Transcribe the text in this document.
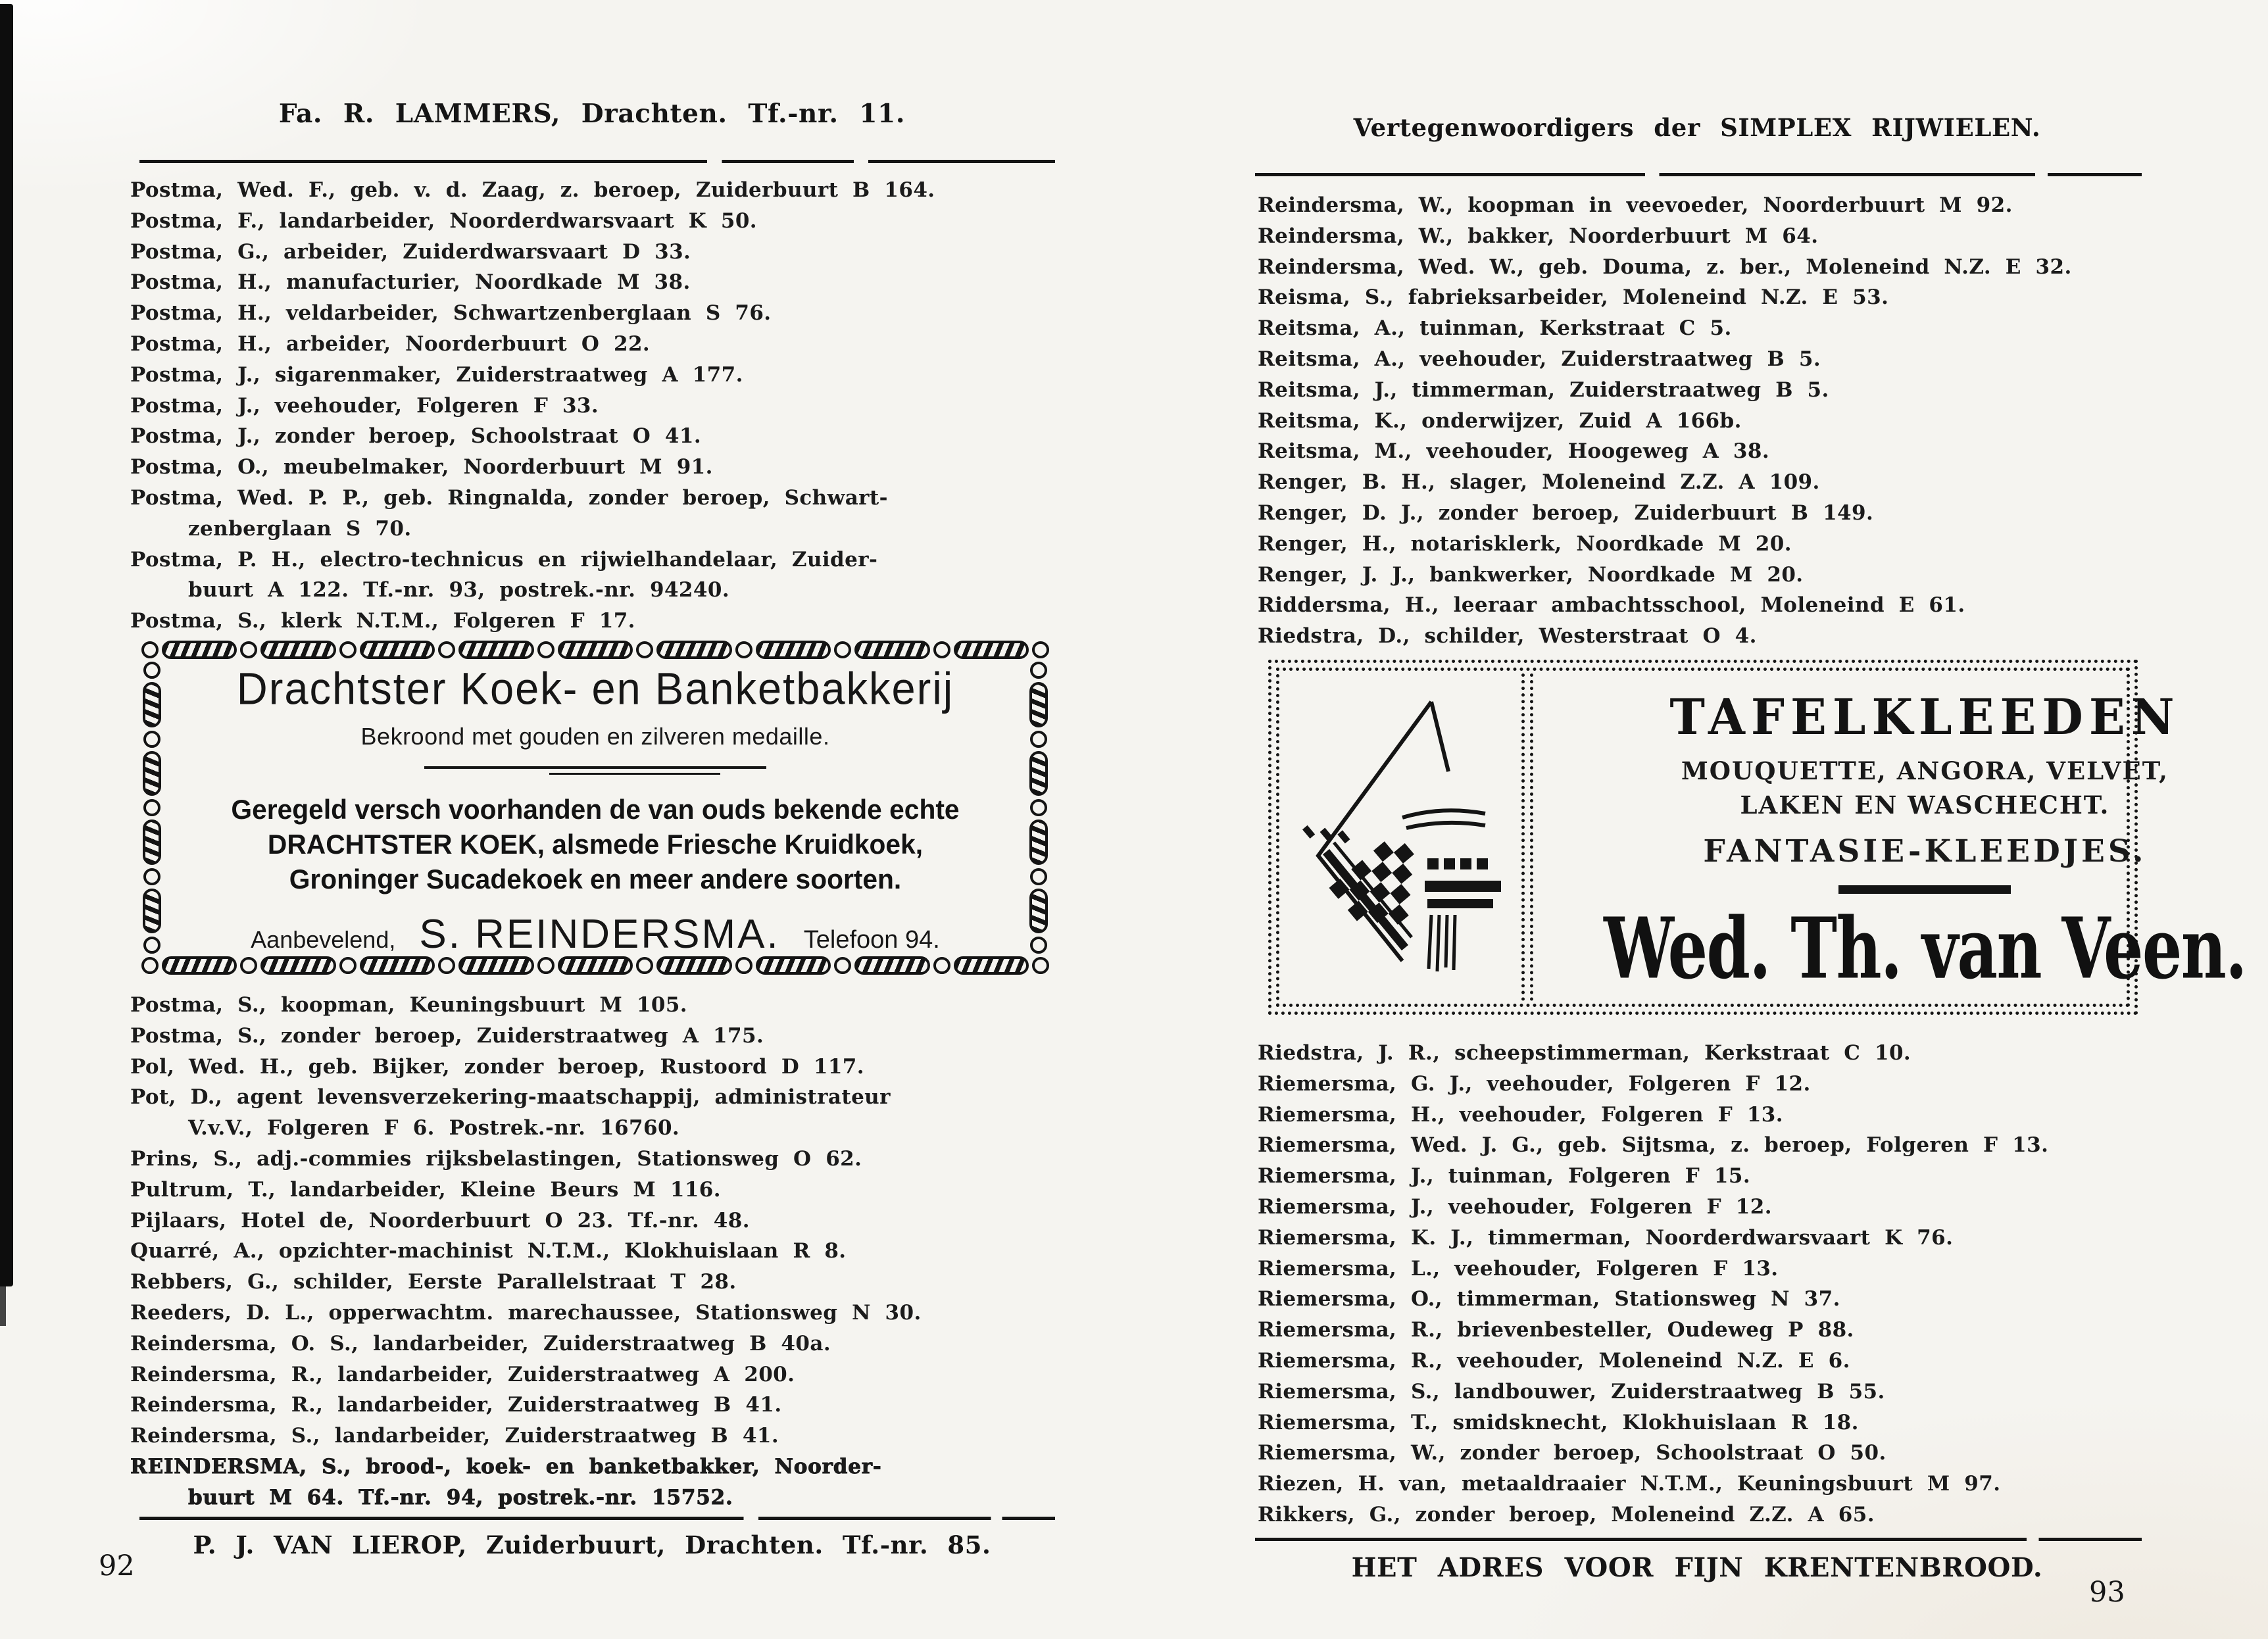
Fa. R. LAMMERS, Drachten. Tf.-nr. 11.
Postma, Wed. F., geb. v. d. Zaag, z. beroep, Zuiderbuurt B 164.
Postma, F., landarbeider, Noorderdwarsvaart K 50.
Postma, G., arbeider, Zuiderdwarsvaart D 33.
Postma, H., manufacturier, Noordkade M 38.
Postma, H., veldarbeider, Schwartzenberglaan S 76.
Postma, H., arbeider, Noorderbuurt O 22.
Postma, J., sigarenmaker, Zuiderstraatweg A 177.
Postma, J., veehouder, Folgeren F 33.
Postma, J., zonder beroep, Schoolstraat O 41.
Postma, O., meubelmaker, Noorderbuurt M 91.
Postma, Wed. P. P., geb. Ringnalda, zonder beroep, Schwart-
zenberglaan S 70.
Postma, P. H., electro-technicus en rijwielhandelaar, Zuider-
buurt A 122. Tf.-nr. 93, postrek.-nr. 94240.
Postma, S., klerk N.T.M., Folgeren F 17.
Drachtster Koek- en Banketbakkerij
Bekroond met gouden en zilveren medaille.
Geregeld versch voorhanden de van ouds bekende echte
DRACHTSTER KOEK, alsmede Friesche Kruidkoek,
Groninger Sucadekoek en meer andere soorten.
Aanbevelend, S. REINDERSMA. Telefoon 94.
Postma, S., koopman, Keuningsbuurt M 105.
Postma, S., zonder beroep, Zuiderstraatweg A 175.
Pol, Wed. H., geb. Bijker, zonder beroep, Rustoord D 117.
Pot, D., agent levensverzekering-maatschappij, administrateur
V.v.V., Folgeren F 6. Postrek.-nr. 16760.
Prins, S., adj.-commies rijksbelastingen, Stationsweg O 62.
Pultrum, T., landarbeider, Kleine Beurs M 116.
Pijlaars, Hotel de, Noorderbuurt O 23. Tf.-nr. 48.
Quarré, A., opzichter-machinist N.T.M., Klokhuislaan R 8.
Rebbers, G., schilder, Eerste Parallelstraat T 28.
Reeders, D. L., opperwachtm. marechaussee, Stationsweg N 30.
Reindersma, O. S., landarbeider, Zuiderstraatweg B 40a.
Reindersma, R., landarbeider, Zuiderstraatweg A 200.
Reindersma, R., landarbeider, Zuiderstraatweg B 41.
Reindersma, S., landarbeider, Zuiderstraatweg B 41.
REINDERSMA, S., brood-, koek- en banketbakker, Noorder-
buurt M 64. Tf.-nr. 94, postrek.-nr. 15752.
P. J. VAN LIEROP, Zuiderbuurt, Drachten. Tf.-nr. 85.
92
Vertegenwoordigers der SIMPLEX RIJWIELEN.
Reindersma, W., koopman in veevoeder, Noorderbuurt M 92.
Reindersma, W., bakker, Noorderbuurt M 64.
Reindersma, Wed. W., geb. Douma, z. ber., Moleneind N.Z. E 32.
Reisma, S., fabrieksarbeider, Moleneind N.Z. E 53.
Reitsma, A., tuinman, Kerkstraat C 5.
Reitsma, A., veehouder, Zuiderstraatweg B 5.
Reitsma, J., timmerman, Zuiderstraatweg B 5.
Reitsma, K., onderwijzer, Zuid A 166b.
Reitsma, M., veehouder, Hoogeweg A 38.
Renger, B. H., slager, Moleneind Z.Z. A 109.
Renger, D. J., zonder beroep, Zuiderbuurt B 149.
Renger, H., notarisklerk, Noordkade M 20.
Renger, J. J., bankwerker, Noordkade M 20.
Riddersma, H., leeraar ambachtsschool, Moleneind E 61.
Riedstra, D., schilder, Westerstraat O 4.
TAFELKLEEDEN
MOUQUETTE, ANGORA, VELVET,
LAKEN EN WASCHECHT.
FANTASIE-KLEEDJES.
Wed. Th. van Veen.
Riedstra, J. R., scheepstimmerman, Kerkstraat C 10.
Riemersma, G. J., veehouder, Folgeren F 12.
Riemersma, H., veehouder, Folgeren F 13.
Riemersma, Wed. J. G., geb. Sijtsma, z. beroep, Folgeren F 13.
Riemersma, J., tuinman, Folgeren F 15.
Riemersma, J., veehouder, Folgeren F 12.
Riemersma, K. J., timmerman, Noorderdwarsvaart K 76.
Riemersma, L., veehouder, Folgeren F 13.
Riemersma, O., timmerman, Stationsweg N 37.
Riemersma, R., brievenbesteller, Oudeweg P 88.
Riemersma, R., veehouder, Moleneind N.Z. E 6.
Riemersma, S., landbouwer, Zuiderstraatweg B 55.
Riemersma, T., smidsknecht, Klokhuislaan R 18.
Riemersma, W., zonder beroep, Schoolstraat O 50.
Riezen, H. van, metaaldraaier N.T.M., Keuningsbuurt M 97.
Rikkers, G., zonder beroep, Moleneind Z.Z. A 65.
HET ADRES VOOR FIJN KRENTENBROOD.
93
